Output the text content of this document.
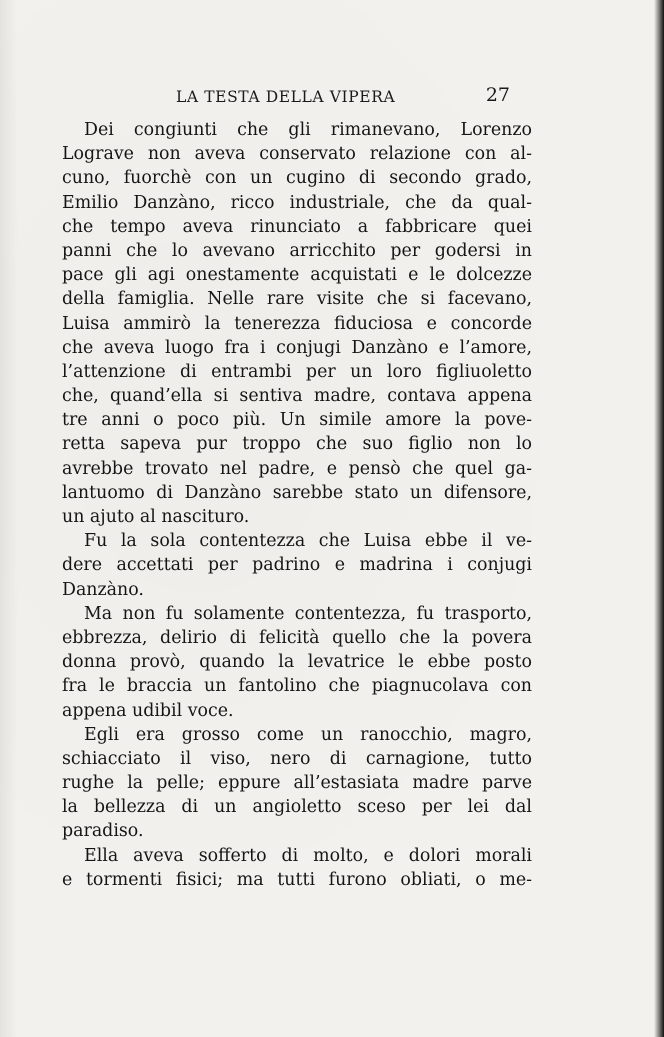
LA TESTA DELLA VIPERA	27
Dei congiunti che gli rimanevano, Lorenzo
Lograve non aveva conservato relazione con al-
cuno, fuorchè con un cugino di secondo grado,
Emilio Danzàno, ricco industriale, che da qual-
che tempo aveva rinunciato a fabbricare quei
panni che lo avevano arricchito per godersi in
pace gli agi onestamente acquistati e le dolcezze
della famiglia. Nelle rare visite che si facevano,
Luisa ammirò la tenerezza fiduciosa e concorde
che aveva luogo fra i conjugi Danzàno e l’amore,
l’attenzione di entrambi per un loro figliuoletto
che, quand’ella si sentiva madre, contava appena
tre anni o poco più. Un simile amore la pove-
retta sapeva pur troppo che suo figlio non lo
avrebbe trovato nel padre, e pensò che quel ga-
lantuomo di Danzàno sarebbe stato un difensore,
un ajuto al nascituro.
Fu la sola contentezza che Luisa ebbe il ve-
dere accettati per padrino e madrina i conjugi
Danzàno.
Ma non fu solamente contentezza, fu trasporto,
ebbrezza, delirio di felicità quello che la povera
donna provò, quando la levatrice le ebbe posto
fra le braccia un fantolino che piagnucolava con
appena udibil voce.
Egli era grosso come un ranocchio, magro,
schiacciato il viso, nero di carnagione, tutto
rughe la pelle; eppure all’estasiata madre parve
la bellezza di un angioletto sceso per lei dal
paradiso.
Ella aveva sofferto di molto, e dolori morali
e tormenti fisici; ma tutti furono obliati, o me-
